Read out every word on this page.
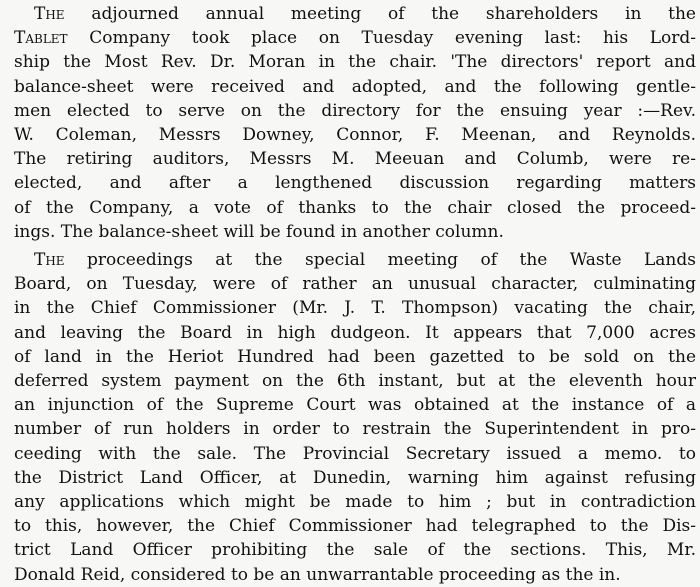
The adjourned annual meeting of the shareholders in the
Tablet Company took place on Tuesday evening last: his Lord-
ship the Most Rev. Dr. Moran in the chair. 'The directors' report and
balance-sheet were received and adopted, and the following gentle-
men elected to serve on the directory for the ensuing year :—Rev.
W. Coleman, Messrs Downey, Connor, F. Meenan, and Reynolds.
The retiring auditors, Messrs M. Meeuan and Columb, were re-
elected, and after a lengthened discussion regarding matters
of the Company, a vote of thanks to the chair closed the proceed-
ings. The balance-sheet will be found in another column.
The proceedings at the special meeting of the Waste Lands
Board, on Tuesday, were of rather an unusual character, culminating
in the Chief Commissioner (Mr. J. T. Thompson) vacating the chair,
and leaving the Board in high dudgeon. It appears that 7,000 acres
of land in the Heriot Hundred had been gazetted to be sold on the
deferred system payment on the 6th instant, but at the eleventh hour
an injunction of the Supreme Court was obtained at the instance of a
number of run holders in order to restrain the Superintendent in pro-
ceeding with the sale. The Provincial Secretary issued a memo. to
the District Land Officer, at Dunedin, warning him against refusing
any applications which might be made to him ; but in contradiction
to this, however, the Chief Commissioner had telegraphed to the Dis-
trict Land Officer prohibiting the sale of the sections. This, Mr.
Donald Reid, considered to be an unwarrantable proceeding as the in.
